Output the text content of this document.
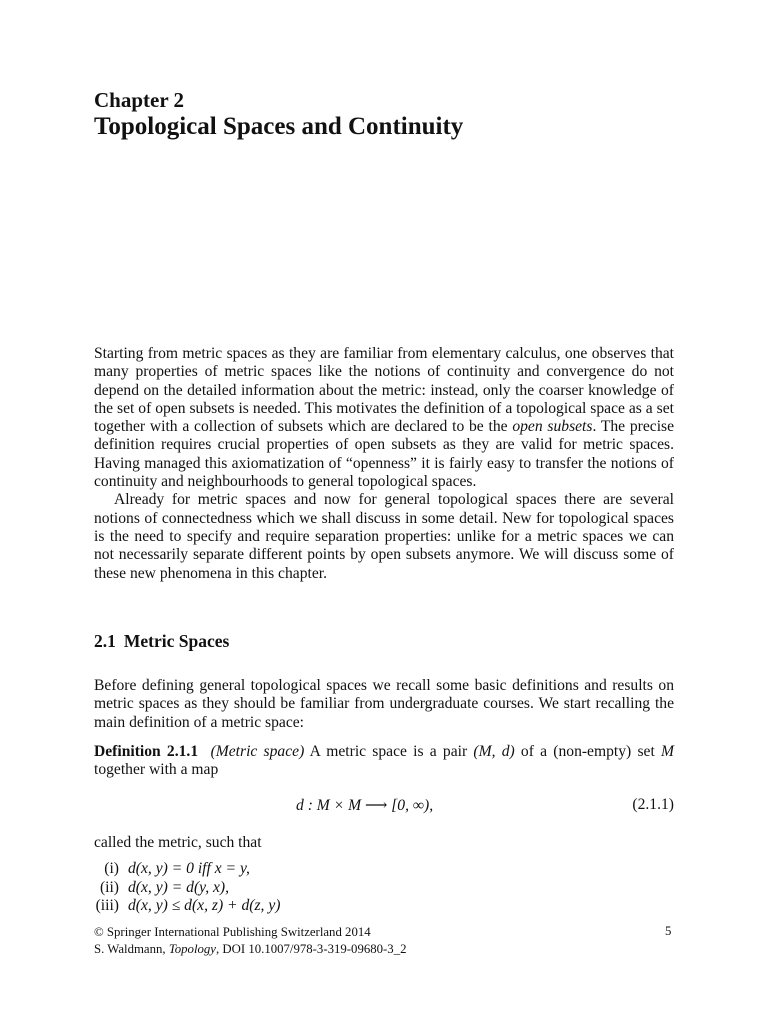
Chapter 2
Topological Spaces and Continuity

Starting from metric spaces as they are familiar from elementary calculus, one observes that many properties of metric spaces like the notions of continuity and convergence do not depend on the detailed information about the metric: instead, only the coarser knowledge of the set of open subsets is needed. This motivates the definition of a topological space as a set together with a collection of subsets which are declared to be the open subsets. The precise definition requires crucial properties of open subsets as they are valid for metric spaces. Having managed this axiomatization of “openness” it is fairly easy to transfer the notions of continuity and neighbourhoods to general topological spaces.

Already for metric spaces and now for general topological spaces there are several notions of connectedness which we shall discuss in some detail. New for topological spaces is the need to specify and require separation properties: unlike for a metric spaces we can not necessarily separate different points by open subsets anymore. We will discuss some of these new phenomena in this chapter.

2.1 Metric Spaces

Before defining general topological spaces we recall some basic definitions and results on metric spaces as they should be familiar from undergraduate courses. We start recalling the main definition of a metric space:

Definition 2.1.1 (Metric space) A metric space is a pair (M, d) of a (non-empty) set M together with a map

d : M × M ⟶ [0, ∞),	(2.1.1)
called the metric, such that
(i) d(x, y) = 0 iff x = y,
(ii) d(x, y) = d(y, x),
(iii) d(x, y) ≤ d(x, z) + d(z, y)
© Springer International Publishing Switzerland 2014
S. Waldmann, Topology, DOI 10.1007/978-3-319-09680-3_2
5
